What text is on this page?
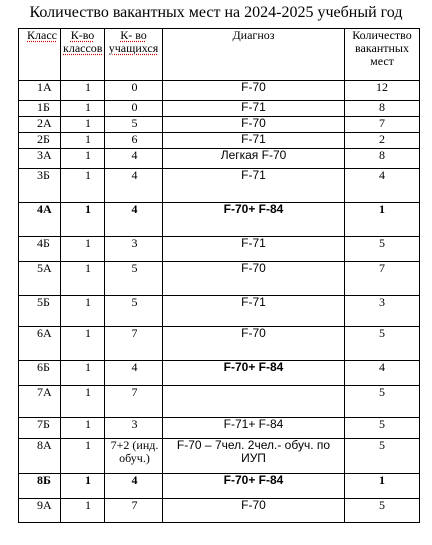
Количество вакантных мест на 2024-2025 учебный год
Класс	К-во классов	К- во учащихся	Диагноз	Количество вакантных мест
1А	1	0	F-70	12
1Б	1	0	F-71	8
2А	1	5	F-70	7
2Б	1	6	F-71	2
3А	1	4	Легкая F-70	8
3Б	1	4	F-71	4
4А	1	4	F-70+ F-84	1
4Б	1	3	F-71	5
5А	1	5	F-70	7
5Б	1	5	F-71	3
6А	1	7	F-70	5
6Б	1	4	F-70+ F-84	4
7А	1	7		5
7Б	1	3	F-71+ F-84	5
8А	1	7+2 (инд. обуч.)	F-70 – 7чел. 2чел.- обуч. по ИУП	5
8Б	1	4	F-70+ F-84	1
9А	1	7	F-70	5
